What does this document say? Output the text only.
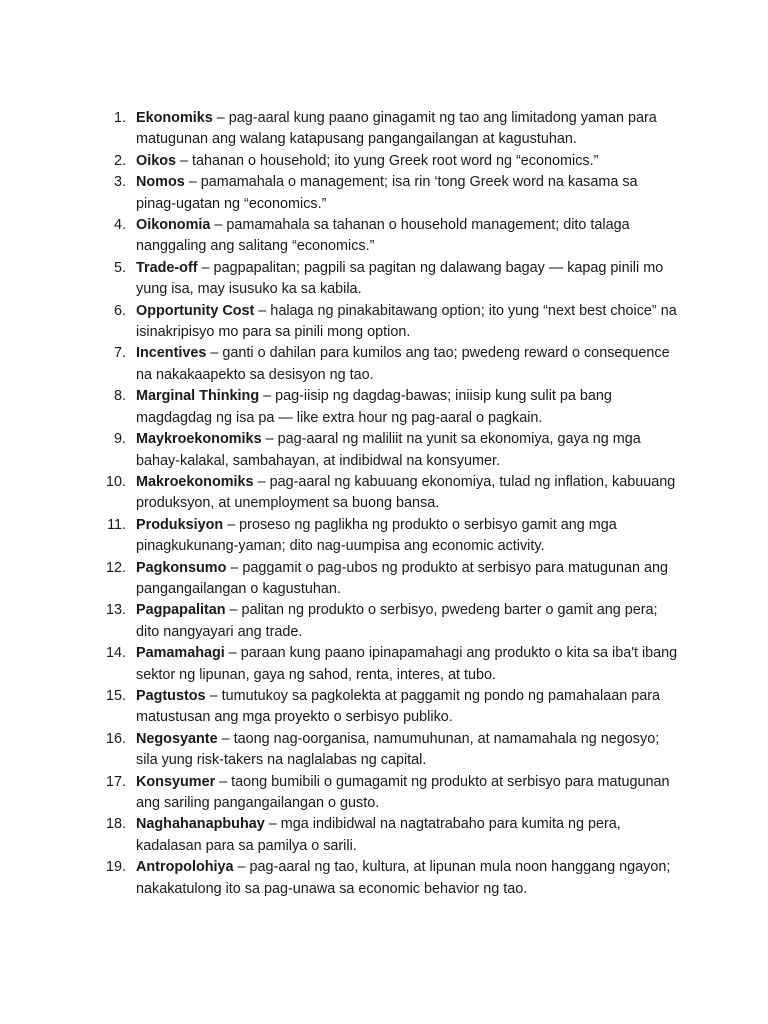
1. Ekonomiks – pag-aaral kung paano ginagamit ng tao ang limitadong yaman para matugunan ang walang katapusang pangangailangan at kagustuhan.
2. Oikos – tahanan o household; ito yung Greek root word ng “economics.”
3. Nomos – pamamahala o management; isa rin ‘tong Greek word na kasama sa pinag-ugatan ng “economics.”
4. Oikonomia – pamamahala sa tahanan o household management; dito talaga nanggaling ang salitang “economics.”
5. Trade-off – pagpapalitan; pagpili sa pagitan ng dalawang bagay — kapag pinili mo yung isa, may isusuko ka sa kabila.
6. Opportunity Cost – halaga ng pinakabitawang option; ito yung “next best choice” na isinakripisyo mo para sa pinili mong option.
7. Incentives – ganti o dahilan para kumilos ang tao; pwedeng reward o consequence na nakakaapekto sa desisyon ng tao.
8. Marginal Thinking – pag-iisip ng dagdag-bawas; iniisip kung sulit pa bang magdagdag ng isa pa — like extra hour ng pag-aaral o pagkain.
9. Maykroekonomiks – pag-aaral ng maliliit na yunit sa ekonomiya, gaya ng mga bahay-kalakal, sambahayan, at indibidwal na konsyumer.
10. Makroekonomiks – pag-aaral ng kabuuang ekonomiya, tulad ng inflation, kabuuang produksyon, at unemployment sa buong bansa.
11. Produksiyon – proseso ng paglikha ng produkto o serbisyo gamit ang mga pinagkukunang-yaman; dito nag-uumpisa ang economic activity.
12. Pagkonsumo – paggamit o pag-ubos ng produkto at serbisyo para matugunan ang pangangailangan o kagustuhan.
13. Pagpapalitan – palitan ng produkto o serbisyo, pwedeng barter o gamit ang pera; dito nangyayari ang trade.
14. Pamamahagi – paraan kung paano ipinapamahagi ang produkto o kita sa iba't ibang sektor ng lipunan, gaya ng sahod, renta, interes, at tubo.
15. Pagtustos – tumutukoy sa pagkolekta at paggamit ng pondo ng pamahalaan para matustusan ang mga proyekto o serbisyo publiko.
16. Negosyante – taong nag-oorganisa, namumuhunan, at namamahala ng negosyo; sila yung risk-takers na naglalabas ng capital.
17. Konsyumer – taong bumibili o gumagamit ng produkto at serbisyo para matugunan ang sariling pangangailangan o gusto.
18. Naghahanapbuhay – mga indibidwal na nagtatrabaho para kumita ng pera, kadalasan para sa pamilya o sarili.
19. Antropolohiya – pag-aaral ng tao, kultura, at lipunan mula noon hanggang ngayon; nakakatulong ito sa pag-unawa sa economic behavior ng tao.
